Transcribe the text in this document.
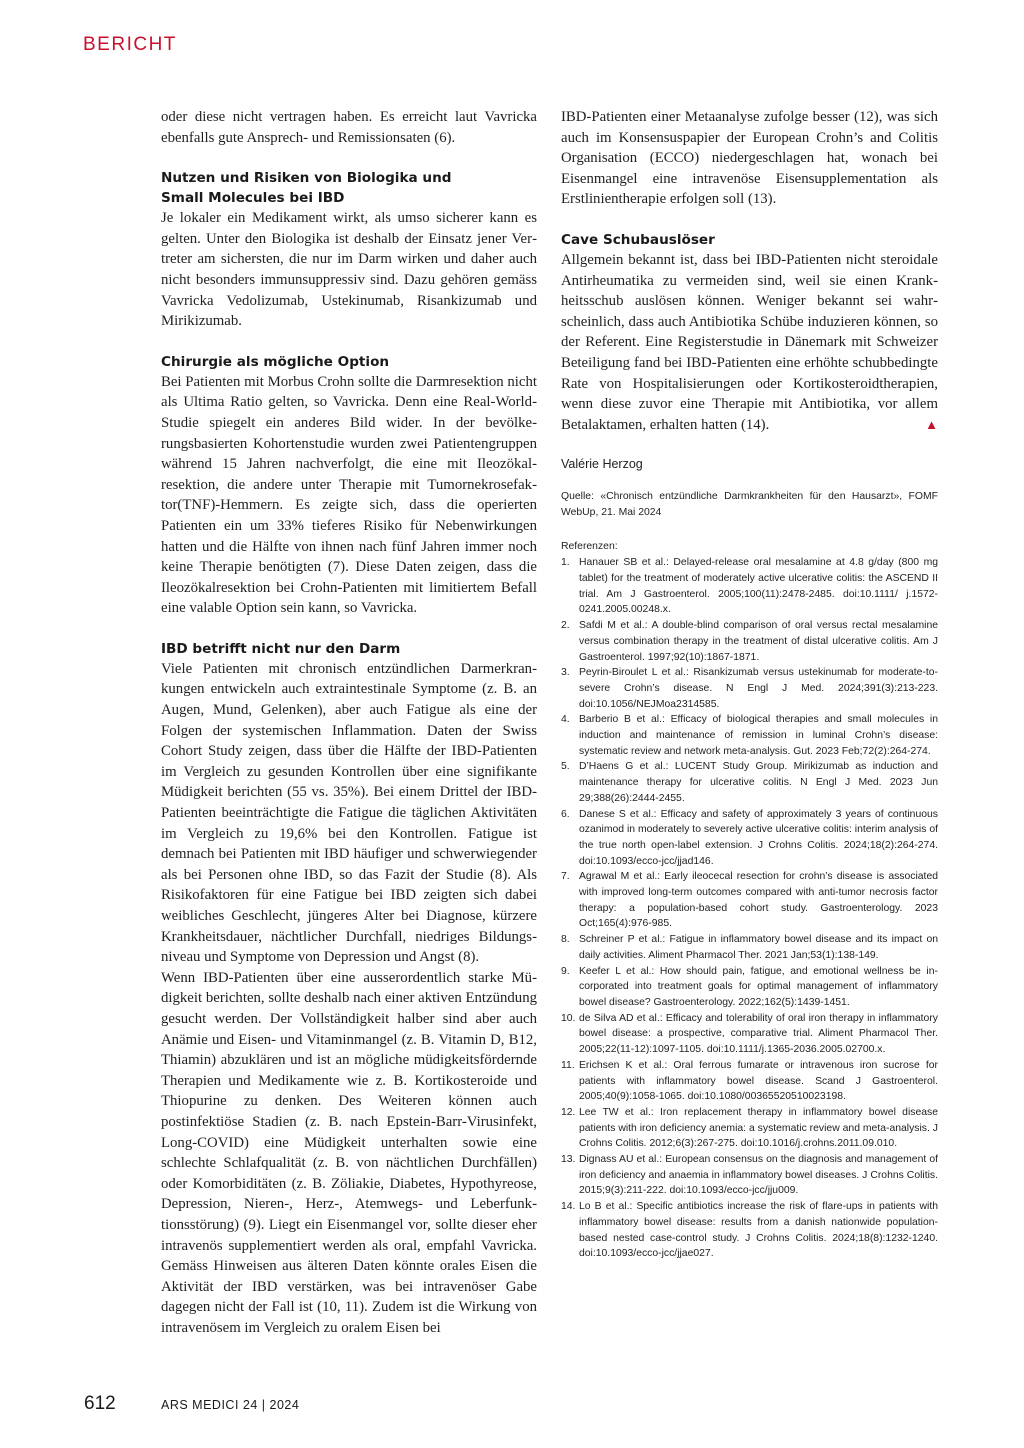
BERICHT

oder diese nicht vertragen haben. Es erreicht laut Vavricka ebenfalls gute Ansprech- und Remissionsaten (6).

Nutzen und Risiken von Biologika und
Small Molecules bei IBD

Je lokaler ein Medikament wirkt, als umso sicherer kann es gelten. Unter den Biologika ist deshalb der Einsatz jener Vertreter am sichersten, die nur im Darm wirken und daher auch nicht besonders immunsuppressiv sind. Dazu gehören gemäss Vavricka Vedolizumab, Ustekinumab, Risankizumab und Mirikizumab.

Chirurgie als mögliche Option

Bei Patienten mit Morbus Crohn sollte die Darmresektion nicht als Ultima Ratio gelten, so Vavricka. Denn eine Real-World-Studie spiegelt ein anderes Bild wider. In der bevölkerungsbasierten Kohortenstudie wurden zwei Patientengruppen während 15 Jahren nachverfolgt, die eine mit Ileozökalresektion, die andere unter Therapie mit Tumornekrosefaktor(TNF)-Hemmern. Es zeigte sich, dass die operierten Patienten ein um 33% tieferes Risiko für Nebenwirkungen hatten und die Hälfte von ihnen nach fünf Jahren immer noch keine Therapie benötigten (7). Diese Daten zeigen, dass die Ileozökalresektion bei Crohn-Patienten mit limitiertem Befall eine valable Option sein kann, so Vavricka.

IBD betrifft nicht nur den Darm

Viele Patienten mit chronisch entzündlichen Darmerkrankungen entwickeln auch extraintestinale Symptome (z. B. an Augen, Mund, Gelenken), aber auch Fatigue als eine der Folgen der systemischen Inflammation. Daten der Swiss Cohort Study zeigen, dass über die Hälfte der IBD-Patienten im Vergleich zu gesunden Kontrollen über eine signifikante Müdigkeit berichten (55 vs. 35%). Bei einem Drittel der IBD-Patienten beeinträchtigte die Fatigue die täglichen Aktivitäten im Vergleich zu 19,6% bei den Kontrollen. Fatigue ist demnach bei Patienten mit IBD häufiger und schwerwiegender als bei Personen ohne IBD, so das Fazit der Studie (8). Als Risikofaktoren für eine Fatigue bei IBD zeigten sich dabei weibliches Geschlecht, jüngeres Alter bei Diagnose, kürzere Krankheitsdauer, nächtlicher Durchfall, niedriges Bildungsniveau und Symptome von Depression und Angst (8).

Wenn IBD-Patienten über eine ausserordentlich starke Müdigkeit berichten, sollte deshalb nach einer aktiven Entzündung gesucht werden. Der Vollständigkeit halber sind aber auch Anämie und Eisen- und Vitaminmangel (z. B. Vitamin D, B12, Thiamin) abzuklären und ist an mögliche müdigkeitsfördernde Therapien und Medikamente wie z. B. Kortikosteroide und Thiopurine zu denken. Des Weiteren können auch postinfektiöse Stadien (z. B. nach Epstein-Barr-Virusinfekt, Long-COVID) eine Müdigkeit unterhalten sowie eine schlechte Schlafqualität (z. B. von nächtlichen Durchfällen) oder Komorbiditäten (z. B. Zöliakie, Diabetes, Hypothyreose, Depression, Nieren-, Herz-, Atemwegs- und Leberfunktionsstörung) (9). Liegt ein Eisenmangel vor, sollte dieser eher intravenös supplementiert werden als oral, empfahl Vavricka. Gemäss Hinweisen aus älteren Daten könnte orales Eisen die Aktivität der IBD verstärken, was bei intravenöser Gabe dagegen nicht der Fall ist (10, 11). Zudem ist die Wirkung von intravenösem im Vergleich zu oralem Eisen bei

IBD-Patienten einer Metaanalyse zufolge besser (12), was sich auch im Konsensuspapier der European Crohn’s and Colitis Organisation (ECCO) niedergeschlagen hat, wonach bei Eisenmangel eine intravenöse Eisensupplementation als Erstlinientherapie erfolgen soll (13).

Cave Schubauslöser

Allgemein bekannt ist, dass bei IBD-Patienten nicht steroidale Antirheumatika zu vermeiden sind, weil sie einen Krankheitsschub auslösen können. Weniger bekannt sei wahrscheinlich, dass auch Antibiotika Schübe induzieren können, so der Referent. Eine Registerstudie in Dänemark mit Schweizer Beteiligung fand bei IBD-Patienten eine erhöhte schubbedingte Rate von Hospitalisierungen oder Kortikosteroidtherapien, wenn diese zuvor eine Therapie mit Antibiotika, vor allem Betalaktamen, erhalten hatten (14).	▲

Valérie Herzog

Quelle: «Chronisch entzündliche Darmkrankheiten für den Hausarzt», FOMF WebUp, 21. Mai 2024

Referenzen:

1. Hanauer SB et al.: Delayed-release oral mesalamine at 4.8 g/day (800 mg tablet) for the treatment of moderately active ulcerative colitis: the ASCEND II trial. Am J Gastroenterol. 2005;100(11):2478-2485. doi:10.1111/ j.1572-0241.2005.00248.x.
2. Safdi M et al.: A double-blind comparison of oral versus rectal mesalamine versus combination therapy in the treatment of distal ulcerative colitis. Am J Gastroenterol. 1997;92(10):1867-1871.
3. Peyrin-Biroulet L et al.: Risankizumab versus ustekinumab for moderate-to-severe Crohn’s disease. N Engl J Med. 2024;391(3):213-223. doi:10.1056/NEJMoa2314585.
4. Barberio B et al.: Efficacy of biological therapies and small molecules in induction and maintenance of remission in luminal Crohn’s disease: systematic review and network meta-analysis. Gut. 2023 Feb;72(2):264-274.
5. D’Haens G et al.: LUCENT Study Group. Mirikizumab as induction and maintenance therapy for ulcerative colitis. N Engl J Med. 2023 Jun 29;388(26):2444-2455.
6. Danese S et al.: Efficacy and safety of approximately 3 years of continuous ozanimod in moderately to severely active ulcerative colitis: interim analysis of the true north open-label extension. J Crohns Colitis. 2024;18(2):264-274. doi:10.1093/ecco-jcc/jjad146.
7. Agrawal M et al.: Early ileocecal resection for crohn’s disease is associated with improved long-term outcomes compared with anti-tumor necrosis factor therapy: a population-based cohort study. Gastroenterology. 2023 Oct;165(4):976-985.
8. Schreiner P et al.: Fatigue in inflammatory bowel disease and its impact on daily activities. Aliment Pharmacol Ther. 2021 Jan;53(1):138-149.
9. Keefer L et al.: How should pain, fatigue, and emotional wellness be incorporated into treatment goals for optimal management of inflammatory bowel disease? Gastroenterology. 2022;162(5):1439-1451.
10. de Silva AD et al.: Efficacy and tolerability of oral iron therapy in inflammatory bowel disease: a prospective, comparative trial. Aliment Pharmacol Ther. 2005;22(11-12):1097-1105. doi:10.1111/j.1365-2036.2005.02700.x.
11. Erichsen K et al.: Oral ferrous fumarate or intravenous iron sucrose for patients with inflammatory bowel disease. Scand J Gastroenterol. 2005;40(9):1058-1065. doi:10.1080/00365520510023198.
12. Lee TW et al.: Iron replacement therapy in inflammatory bowel disease patients with iron deficiency anemia: a systematic review and meta-analysis. J Crohns Colitis. 2012;6(3):267-275. doi:10.1016/j.crohns.2011.09.010.
13. Dignass AU et al.: European consensus on the diagnosis and management of iron deficiency and anaemia in inflammatory bowel diseases. J Crohns Colitis. 2015;9(3):211-222. doi:10.1093/ecco-jcc/jju009.
14. Lo B et al.: Specific antibiotics increase the risk of flare-ups in patients with inflammatory bowel disease: results from a danish nationwide population-based nested case-control study. J Crohns Colitis. 2024;18(8):1232-1240. doi:10.1093/ecco-jcc/jjae027.
612	ARS MEDICI 24 | 2024
